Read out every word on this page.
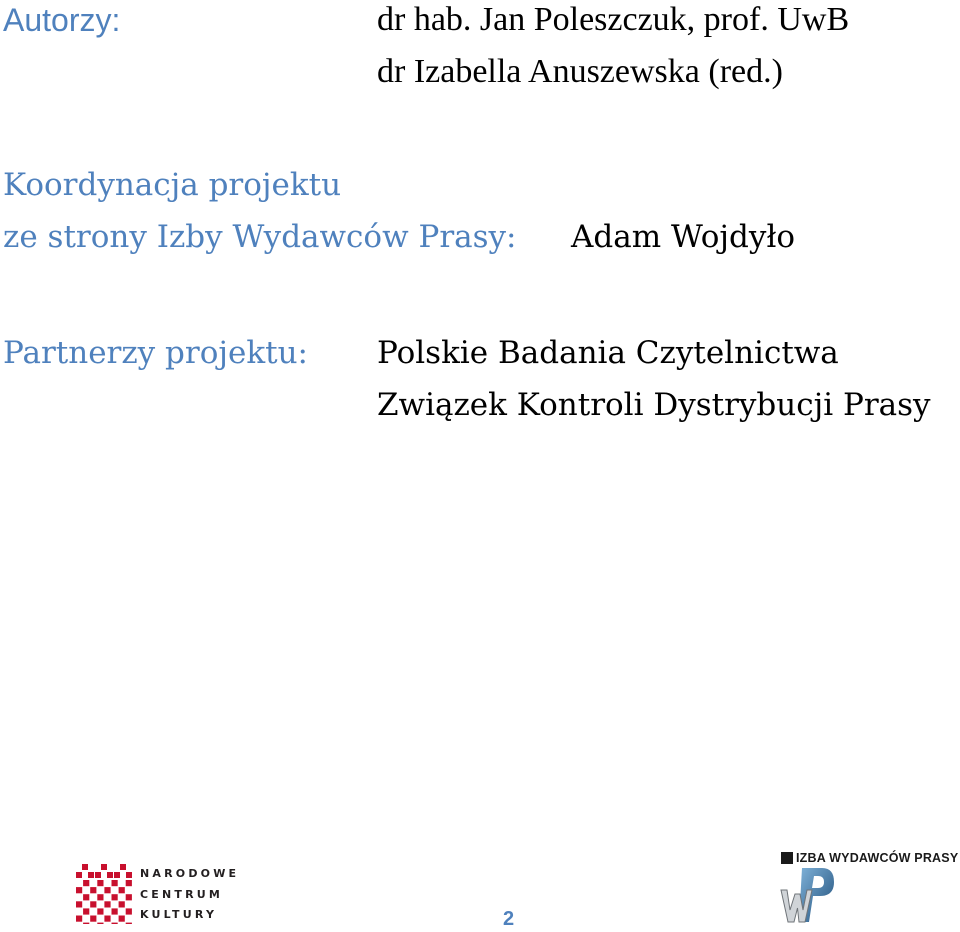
Autorzy:	dr hab. Jan Poleszczuk, prof. UwB
dr Izabella Anuszewska (red.)
Koordynacja projektu
ze strony Izby Wydawców Prasy: Adam Wojdyło
Partnerzy projektu: Polskie Badania Czytelnictwa
Związek Kontroli Dystrybucji Prasy
NARODOWE
CENTRUM
KULTURY	2
IZBA WYDAWCÓW PRASY
